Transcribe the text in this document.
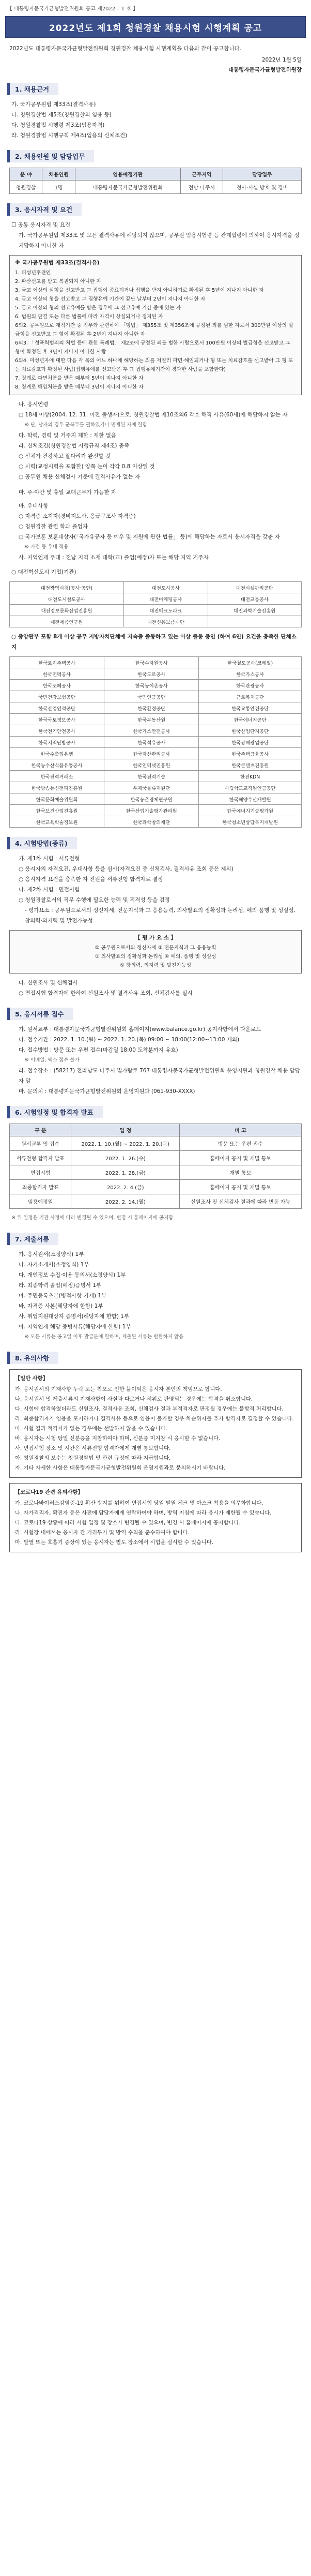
【 대통령자문국가균형발전위원회 공고 제2022 – 1 호 】
2022년도 제1회 청원경찰 채용시험 시행계획 공고
2022년도 대통령자문국가균형발전위원회 청원경찰 채용시험 시행계획을 다음과 같이 공고합니다.
2022년 1월 5일
대통령자문국가균형발전위원장
1. 채용근거

가. 국가공무원법 제33조(결격사유)

나. 청원경찰법 제5조(청원경찰의 임용 등)

다. 청원경찰법 시행령 제3조(임용자격)

라. 청원경찰법 시행규칙 제4조(임용의 신체조건)

2. 채용인원 및 담당업무
분 야	채용인원	임용예정기관	근무지역	담당업무
청원경찰	1명	대통령자문국가균형발전위원회	전남 나주시	청사·시설 방호 및 경비
3. 응시자격 및 요건

☐ 공통 응시자격 및 요건

가. 국가공무원법 제33조 및 모든 결격사유에 해당되지 않으며, 공무원 임용시험령 등 관계법령에 의하여 응시자격을 정지당하지 아니한 자

※ 국가공무원법 제33조(결격사유)
1. 피성년후견인
2. 파산선고를 받고 복권되지 아니한 자
3. 금고 이상의 실형을 선고받고 그 집행이 종료되거나 집행을 받지 아니하기로 확정된 후 5년이 지나지 아니한 자
4. 금고 이상의 형을 선고받고 그 집행유예 기간이 끝난 날부터 2년이 지나지 아니한 자
5. 금고 이상의 형의 선고유예를 받은 경우에 그 선고유예 기간 중에 있는 자
6. 법원의 판결 또는 다른 법률에 따라 자격이 상실되거나 정지된 자
6의2. 공무원으로 재직기간 중 직무와 관련하여 「형법」 제355조 및 제356조에 규정된 죄를 범한 자로서 300만원 이상의 벌금형을 선고받고 그 형이 확정된 후 2년이 지나지 아니한 자
6의3. 「성폭력범죄의 처벌 등에 관한 특례법」 제2조에 규정된 죄를 범한 사람으로서 100만원 이상의 벌금형을 선고받고 그 형이 확정된 후 3년이 지나지 아니한 사람
6의4. 미성년자에 대한 다음 각 목의 어느 하나에 해당하는 죄를 저질러 파면·해임되거나 형 또는 치료감호를 선고받아 그 형 또는 치료감호가 확정된 사람(집행유예를 선고받은 후 그 집행유예기간이 경과한 사람을 포함한다)
7. 징계로 파면처분을 받은 때부터 5년이 지나지 아니한 자
8. 징계로 해임처분을 받은 때부터 3년이 지나지 아니한 자

나. 응시연령

○ 18세 이상(2004. 12. 31. 이전 출생자)으로, 청원경찰법 제10조의6 각호 해직 사유(60세)에 해당하지 않는 자

※ 단, 남자의 경우 군복무를 필하였거나 면제된 자에 한함

다. 학력, 경력 및 거주지 제한 : 제한 없음

라. 신체조건(청원경찰법 시행규칙 제4조) 충족

○ 신체가 건강하고 팔다리가 완전할 것

○ 시력(교정시력을 포함한) 양쪽 눈이 각각 0.8 이상일 것

○ 공무원 채용 신체검사 기준에 결격사유가 없는 자

마. 주·야간 및 휴일 교대근무가 가능한 자

바. 우대사항

○ 자격증 소지자(경비지도사, 응급구조사 자격증)

○ 청원경찰 관련 학과 졸업자

○ 국가보훈 보훈대상자(「국가유공자 등 예우 및 지원에 관한 법률」 등)에 해당하는 자로서 응시자격을 갖춘 자

※ 가점 등 우대 적용

사. 지역인재 우대 : 전남 지역 소재 대학(교) 졸업(예정)자 또는 해당 지역 거주자

○ 대전혁신도시 기업(기관)
대전광역시청(공사·공단)	대전도시공사	대전시설관리공단
대전도시철도공사	대전마케팅공사	대전교통공사
대전정보문화산업진흥원	대전테크노파크	대전과학기술진흥원
대전세종연구원	대전신용보증재단	
○ 중앙관부 포함 8개 이상 공무 지방자치단체에 지속출 졸동하고 있는 이상 졸동 증인 (하여 6인) 요건을 충족한 단체소지
한국토지주택공사	한국수자원공사	한국철도공사(코레일)
한국전력공사	한국도로공사	한국가스공사
한국조폐공사	한국농어촌공사	한국관광공사
국민건강보험공단	국민연금공단	근로복지공단
한국산업인력공단	한국환경공단	한국교통안전공단
한국국토정보공사	한국부동산원	한국에너지공단
한국전기안전공사	한국가스안전공사	한국산업단지공단
한국지역난방공사	한국석유공사	한국광해광업공단
한국수출입은행	한국자산관리공사	한국주택금융공사
한국농수산식품유통공사	한국인터넷진흥원	한국콘텐츠진흥원
한국전력거래소	한국전력기술	한전KDN
한국방송통신전파진흥원	우체국물류지원단	사립학교교직원연금공단
한국문화예술위원회	한국농촌경제연구원	한국해양수산개발원
한국보건산업진흥원	한국산업기술평가관리원	한국에너지기술평가원
한국교육학술정보원	한국과학창의재단	한국청소년상담복지개발원
4. 시험방법(종류)

가. 제1차 시험 : 서류전형

○ 응시자의 자격요건, 우대사항 등을 심사(자격요건 중 신체검사, 결격사유 조회 등은 제외)

○ 응시자격 요건을 충족한 자 전원을 서류전형 합격자로 결정

나. 제2차 시험 : 면접시험

○ 청원경찰로서의 직무 수행에 필요한 능력 및 적격성 등을 검정

- 평가요소 : 공무원으로서의 정신자세, 전문지식과 그 응용능력, 의사발표의 정확성과 논리성, 예의·품행 및 성실성, 창의력·의지력 및 발전가능성

【 평 가 요 소 】
① 공무원으로서의 정신자세 ② 전문지식과 그 응용능력
③ 의사발표의 정확성과 논리성 ④ 예의, 품행 및 성실성
⑤ 창의력, 의지력 및 발전가능성

다. 신원조사 및 신체검사

○ 면접시험 합격자에 한하여 신원조사 및 결격사유 조회, 신체검사를 실시

5. 응시서류 접수

가. 원서교부 : 대통령자문국가균형발전위원회 홈페이지(www.balance.go.kr) 공지사항에서 다운로드

나. 접수기간 : 2022. 1. 10.(월) ~ 2022. 1. 20.(목) 09:00 ~ 18:00(12:00~13:00 제외)

다. 접수방법 : 방문 또는 우편 접수(마감일 18:00 도착분까지 유효)

※ 이메일, 팩스 접수 불가

라. 접수장소 : (58217) 전라남도 나주시 빛가람로 767 대통령자문국가균형발전위원회 운영지원과 청원경찰 채용 담당자 앞

마. 문의처 : 대통령자문국가균형발전위원회 운영지원과 (061-930-XXXX)

6. 시험일정 및 합격자 발표
구 분	일 정	비 고
원서교부 및 접수	2022. 1. 10.(월) ~ 2022. 1. 20.(목)	방문 또는 우편 접수
서류전형 합격자 발표	2022. 1. 26.(수)	홈페이지 공지 및 개별 통보
면접시험	2022. 1. 28.(금)	개별 통보
최종합격자 발표	2022. 2. 4.(금)	홈페이지 공지 및 개별 통보
임용예정일	2022. 2. 14.(월)	신원조사 및 신체검사 결과에 따라 변동 가능
※ 위 일정은 기관 사정에 따라 변경될 수 있으며, 변경 시 홈페이지에 공지함
7. 제출서류

가. 응시원서(소정양식) 1부

나. 자기소개서(소정양식) 1부

다. 개인정보 수집·이용 동의서(소정양식) 1부

라. 최종학력 졸업(예정)증명서 1부

마. 주민등록초본(병적사항 기재) 1부

바. 자격증 사본(해당자에 한함) 1부

사. 취업지원대상자 증명서(해당자에 한함) 1부

아. 지역인재 해당 증빙서류(해당자에 한함) 1부

※ 모든 서류는 공고일 이후 발급분에 한하며, 제출된 서류는 반환하지 않음

8. 유의사항
【일반 사항】

가. 응시원서의 기재사항 누락 또는 착오로 인한 불이익은 응시자 본인의 책임으로 합니다.

나. 응시원서 및 제출서류의 기재사항이 사실과 다르거나 허위로 판명되는 경우에는 합격을 취소합니다.

다. 시험에 합격하였더라도 신원조사, 결격사유 조회, 신체검사 결과 부적격자로 판정될 경우에는 불합격 처리합니다.

라. 최종합격자가 임용을 포기하거나 결격사유 등으로 임용이 불가할 경우 차순위자를 추가 합격자로 결정할 수 있습니다.

마. 시험 결과 적격자가 없는 경우에는 선발하지 않을 수 있습니다.

바. 응시자는 시험 당일 신분증을 지참하여야 하며, 신분증 미지참 시 응시할 수 없습니다.

사. 면접시험 장소 및 시간은 서류전형 합격자에게 개별 통보합니다.

아. 청원경찰의 보수는 청원경찰법 및 관련 규정에 따라 지급합니다.

자. 기타 자세한 사항은 대통령자문국가균형발전위원회 운영지원과로 문의하시기 바랍니다.

【코로나19 관련 유의사항】

가. 코로나바이러스감염증-19 확산 방지를 위하여 면접시험 당일 발열 체크 및 마스크 착용을 의무화합니다.

나. 자가격리자, 확진자 등은 사전에 담당자에게 연락하여야 하며, 방역 지침에 따라 응시가 제한될 수 있습니다.

다. 코로나19 상황에 따라 시험 일정 및 장소가 변경될 수 있으며, 변경 시 홈페이지에 공지합니다.

라. 시험장 내에서는 응시자 간 거리두기 및 방역 수칙을 준수하여야 합니다.

마. 발열 또는 호흡기 증상이 있는 응시자는 별도 장소에서 시험을 실시할 수 있습니다.
